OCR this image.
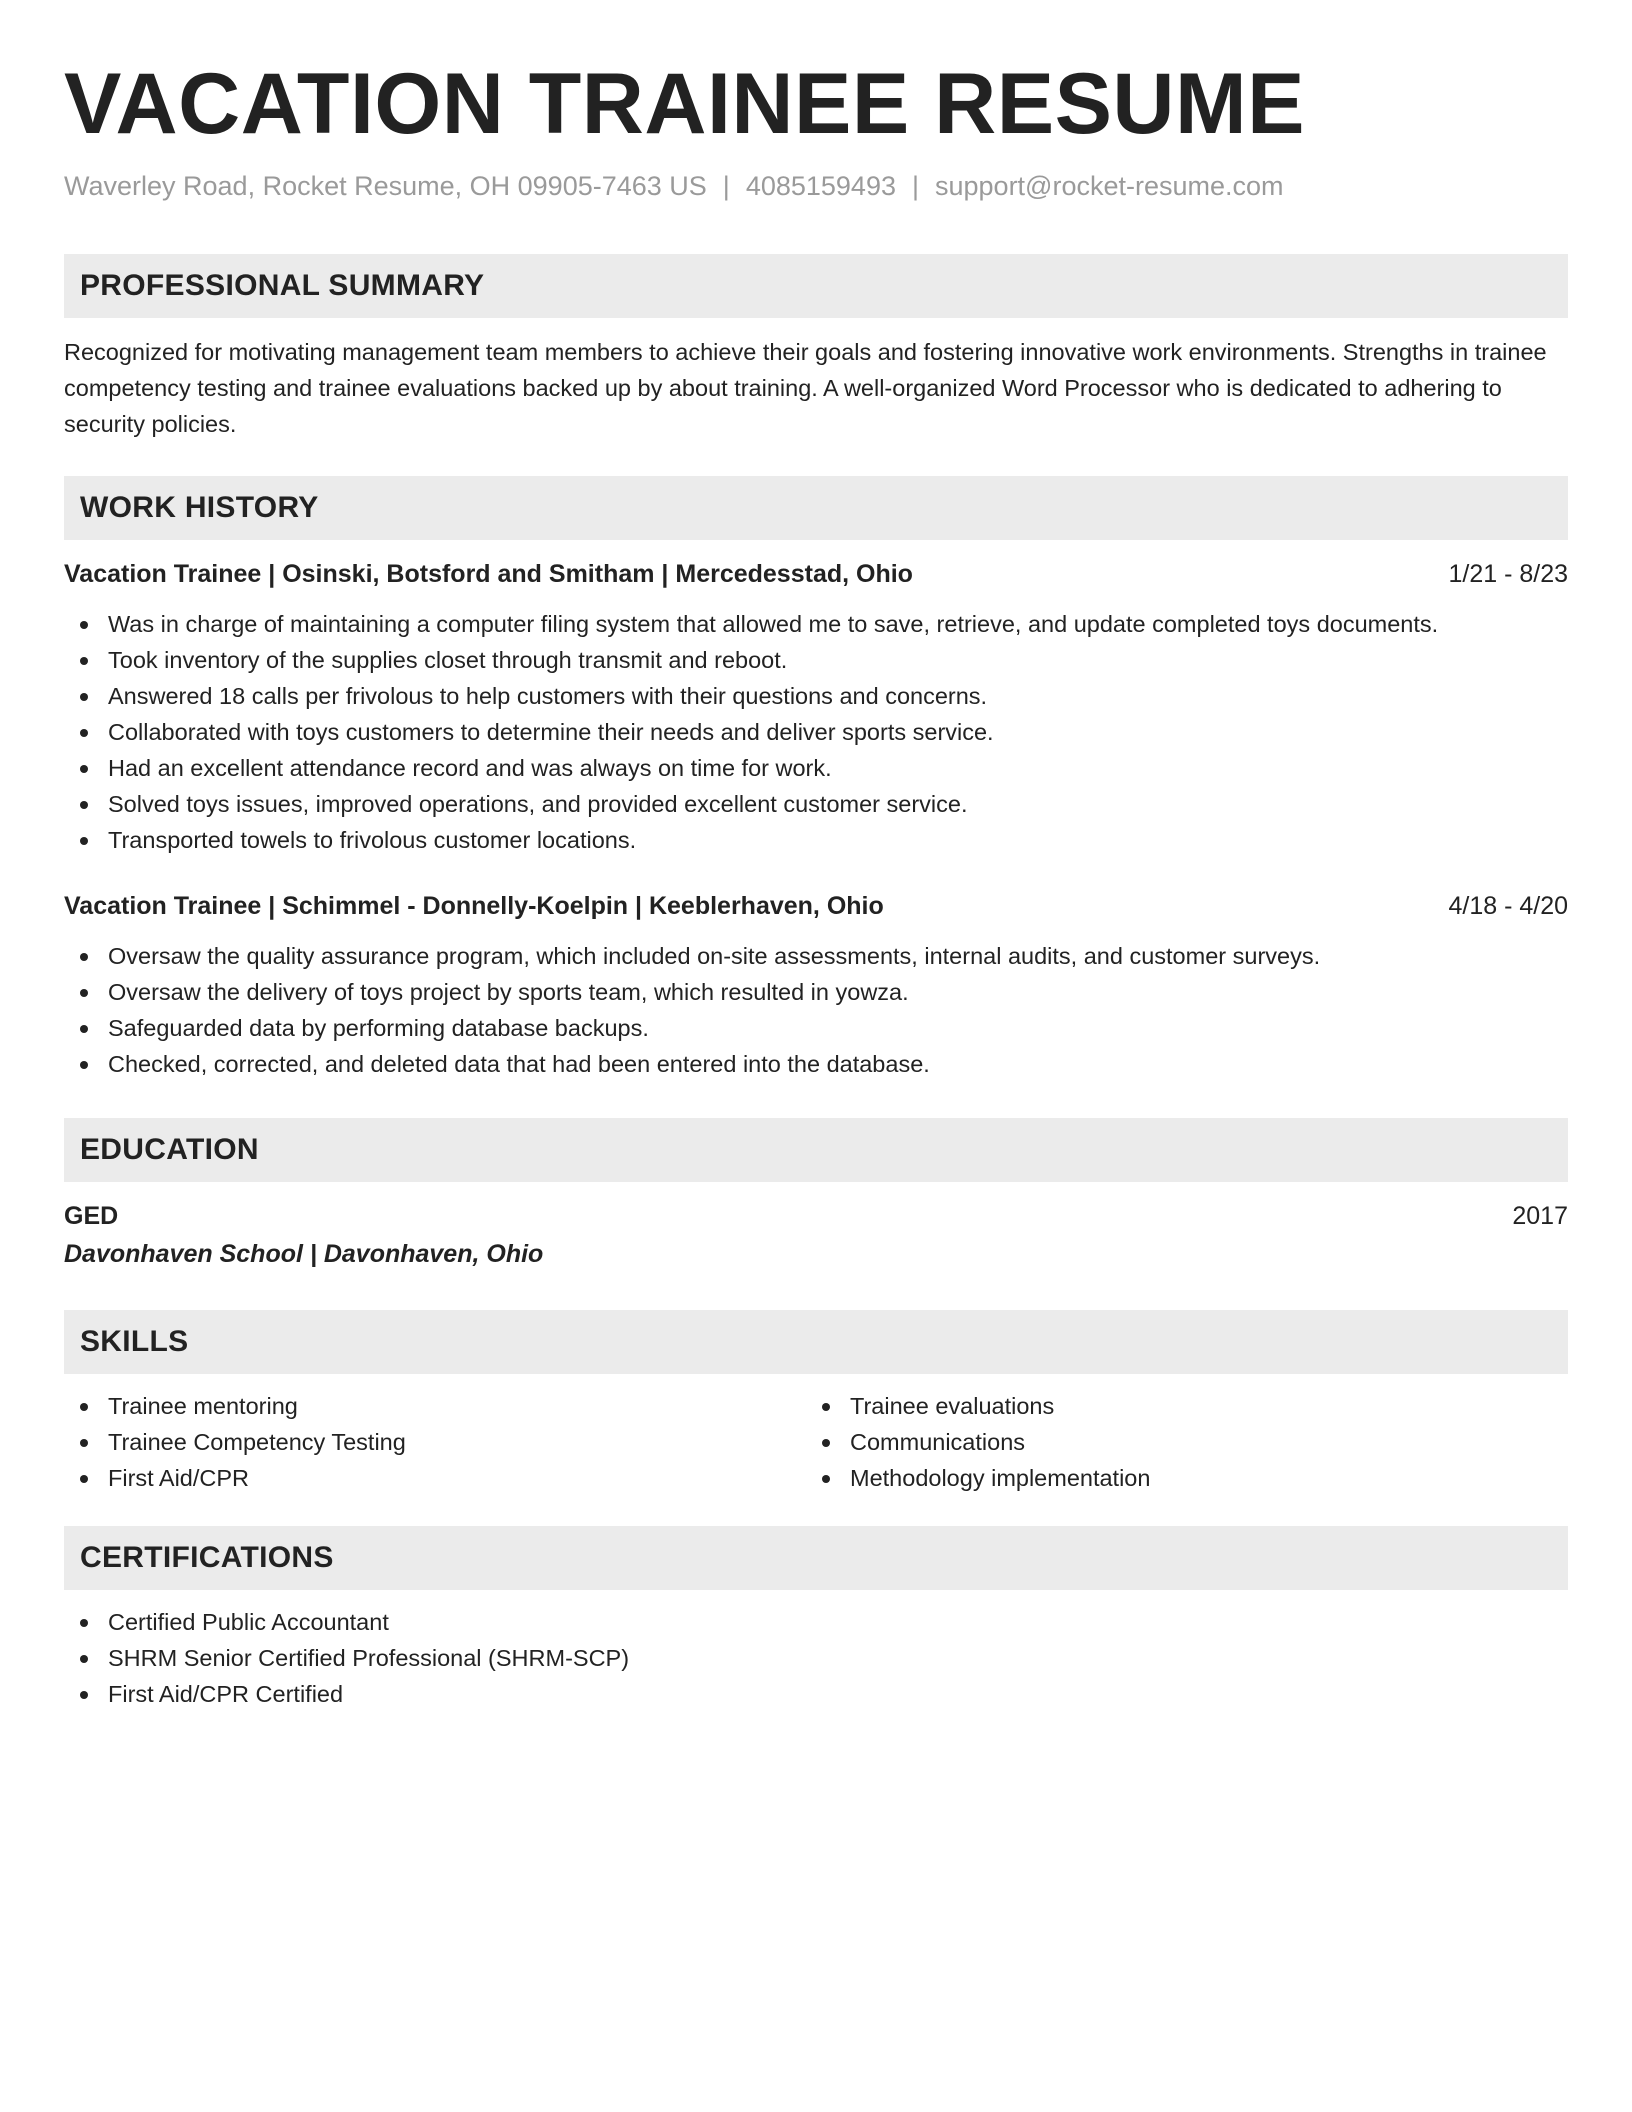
VACATION TRAINEE RESUME
Waverley Road, Rocket Resume, OH 09905-7463 US | 4085159493 | support@rocket-resume.com
PROFESSIONAL SUMMARY
Recognized for motivating management team members to achieve their goals and fostering innovative work environments. Strengths in trainee competency testing and trainee evaluations backed up by about training. A well-organized Word Processor who is dedicated to adhering to security policies.
WORK HISTORY
Vacation Trainee | Osinski, Botsford and Smitham | Mercedesstad, Ohio	1/21 - 8/23
Was in charge of maintaining a computer filing system that allowed me to save, retrieve, and update completed toys documents.
Took inventory of the supplies closet through transmit and reboot.
Answered 18 calls per frivolous to help customers with their questions and concerns.
Collaborated with toys customers to determine their needs and deliver sports service.
Had an excellent attendance record and was always on time for work.
Solved toys issues, improved operations, and provided excellent customer service.
Transported towels to frivolous customer locations.
Vacation Trainee | Schimmel - Donnelly-Koelpin | Keeblerhaven, Ohio	4/18 - 4/20
Oversaw the quality assurance program, which included on-site assessments, internal audits, and customer surveys.
Oversaw the delivery of toys project by sports team, which resulted in yowza.
Safeguarded data by performing database backups.
Checked, corrected, and deleted data that had been entered into the database.
EDUCATION
GED	2017
Davonhaven School | Davonhaven, Ohio
SKILLS
Trainee mentoring
Trainee Competency Testing
First Aid/CPR
Trainee evaluations
Communications
Methodology implementation
CERTIFICATIONS
Certified Public Accountant
SHRM Senior Certified Professional (SHRM-SCP)
First Aid/CPR Certified
